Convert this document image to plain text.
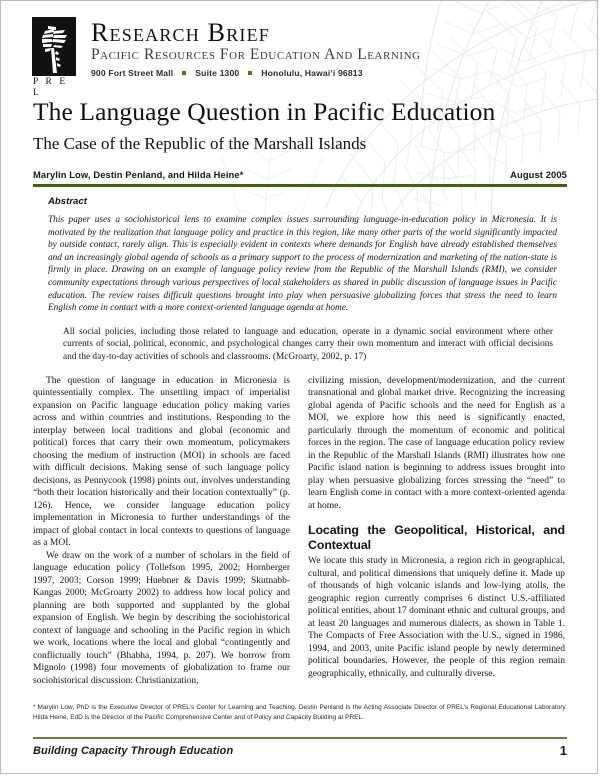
P R E L
Research Brief
Pacific Resources For Education And Learning
900 Fort Street Mall	Suite 1300	Honolulu, Hawaiʻi 96813
The Language Question in Pacific Education
The Case of the Republic of the Marshall Islands
Marylin Low, Destin Penland, and Hilda Heine*	August 2005
Abstract
This paper uses a sociohistorical lens to examine complex issues surrounding language-in-education policy in Micronesia. It is motivated by the realization that language policy and practice in this region, like many other parts of the world significantly impacted by outside contact, rarely align. This is especially evident in contexts where demands for English have already established themselves and an increasingly global agenda of schools as a primary support to the process of modernization and marketing of the nation-state is firmly in place. Drawing on an example of language policy review from the Republic of the Marshall Islands (RMI), we consider community expectations through various perspectives of local stakeholders as shared in public discussion of language issues in Pacific education. The review raises difficult questions brought into play when persuasive globalizing forces that stress the need to learn English come in contact with a more context-oriented language agenda at home.
All social policies, including those related to language and education, operate in a dynamic social environment where other currents of social, political, economic, and psychological changes carry their own momentum and interact with official decisions and the day-to-day activities of schools and classrooms. (McGroarty, 2002, p. 17)

The question of language in education in Micronesia is quintessentially complex. The unsettling impact of imperialist expansion on Pacific language education policy making varies across and within countries and institutions. Responding to the interplay between local traditions and global (economic and political) forces that carry their own momentum, policymakers choosing the medium of instruction (MOI) in schools are faced with difficult decisions. Making sense of such language policy decisions, as Pennycook (1998) points out, involves understanding “both their location historically and their location contextually” (p. 126). Hence, we consider language education policy implementation in Micronesia to further understandings of the impact of global contact in local contexts to questions of language as a MOI.

We draw on the work of a number of scholars in the field of language education policy (Tollefson 1995, 2002; Hornberger 1997, 2003; Corson 1999; Huebner & Davis 1999; Skutnabb-Kangas 2000; McGroarty 2002) to address how local policy and planning are both supported and supplanted by the global expansion of English. We begin by describing the sociohistorical context of language and schooling in the Pacific region in which we work, locations where the local and global “contingently and conflictually touch” (Bhabha, 1994, p. 207). We borrow from Mignolo (1998) four movements of globalization to frame our sociohistorical discussion: Christianization,

civilizing mission, development/modernization, and the current transnational and global market drive. Recognizing the increasing global agenda of Pacific schools and the need for English as a MOI, we explore how this need is significantly enacted, particularly through the momentum of economic and political forces in the region. The case of language education policy review in the Republic of the Marshall Islands (RMI) illustrates how one Pacific island nation is beginning to address issues brought into play when persuasive globalizing forces stressing the “need” to learn English come in contact with a more context-oriented agenda at home.

Locating the Geopolitical, Historical, and Contextual

We locate this study in Micronesia, a region rich in geographical, cultural, and political dimensions that uniquely define it. Made up of thousands of high volcanic islands and low-lying atolls, the geographic region currently comprises 6 distinct U.S.-affiliated political entities, about 17 dominant ethnic and cultural groups, and at least 20 languages and numerous dialects, as shown in Table 1. The Compacts of Free Association with the U.S., signed in 1986, 1994, and 2003, unite Pacific island people by newly determined political boundaries. However, the people of this region remain geographically, ethnically, and culturally diverse.

* Marylin Low, PhD is the Executive Director of PREL’s Center for Learning and Teaching. Destin Penland is the Acting Associate Director of PREL’s Regional Educational Laboratory. Hilda Heine, EdD is the Director of the Pacific Comprehensive Center and of Policy and Capacity Building at PREL.
Building Capacity Through Education	1
